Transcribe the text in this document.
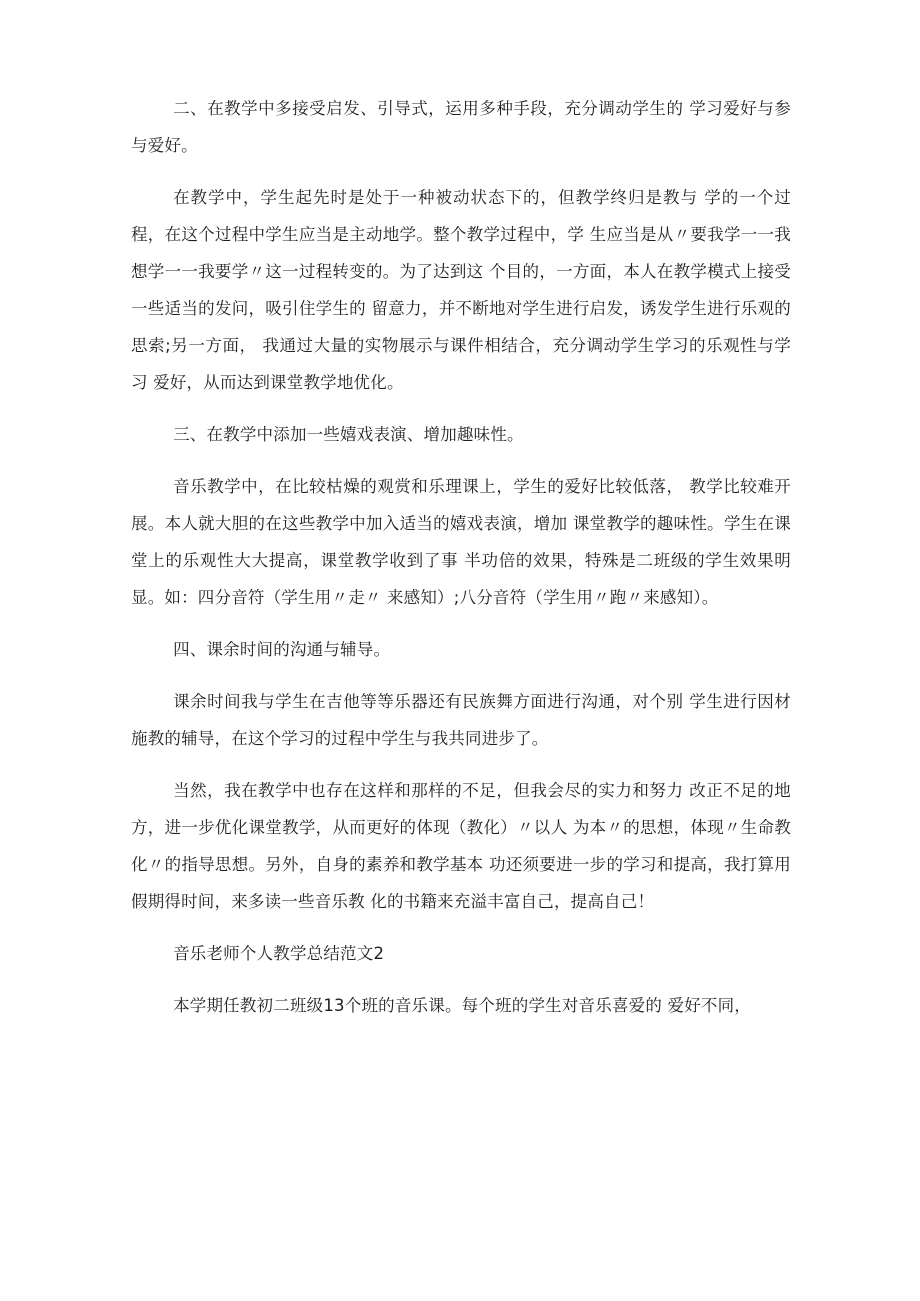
二、在教学中多接受启发、引导式，运用多种手段，充分调动学生的 学习爱好与参与爱好。

在教学中，学生起先时是处于一种被动状态下的，但教学终归是教与 学的一个过程，在这个过程中学生应当是主动地学。整个教学过程中，学 生应当是从〃要我学一一我想学一一我要学〃这一过程转变的。为了达到这 个目的，一方面，本人在教学模式上接受一些适当的发问，吸引住学生的 留意力，并不断地对学生进行启发，诱发学生进行乐观的思索;另一方面， 我通过大量的实物展示与课件相结合，充分调动学生学习的乐观性与学习 爱好，从而达到课堂教学地优化。

三、在教学中添加一些嬉戏表演、增加趣味性。

音乐教学中，在比较枯燥的观赏和乐理课上，学生的爱好比较低落， 教学比较难开展。本人就大胆的在这些教学中加入适当的嬉戏表演，增加 课堂教学的趣味性。学生在课堂上的乐观性大大提高，课堂教学收到了事 半功倍的效果，特殊是二班级的学生效果明显。如：四分音符（学生用〃走〃 来感知）;八分音符（学生用〃跑〃来感知）。

四、课余时间的沟通与辅导。

课余时间我与学生在吉他等等乐器还有民族舞方面进行沟通，对个别 学生进行因材施教的辅导，在这个学习的过程中学生与我共同进步了。

当然，我在教学中也存在这样和那样的不足，但我会尽的实力和努力 改正不足的地方，进一步优化课堂教学，从而更好的体现（教化）〃以人 为本〃的思想，体现〃生命教化〃的指导思想。另外，自身的素养和教学基本 功还须要进一步的学习和提高，我打算用假期得时间，来多读一些音乐教 化的书籍来充溢丰富自己，提高自己！

音乐老师个人教学总结范文2

本学期任教初二班级13个班的音乐课。每个班的学生对音乐喜爱的 爱好不同，
